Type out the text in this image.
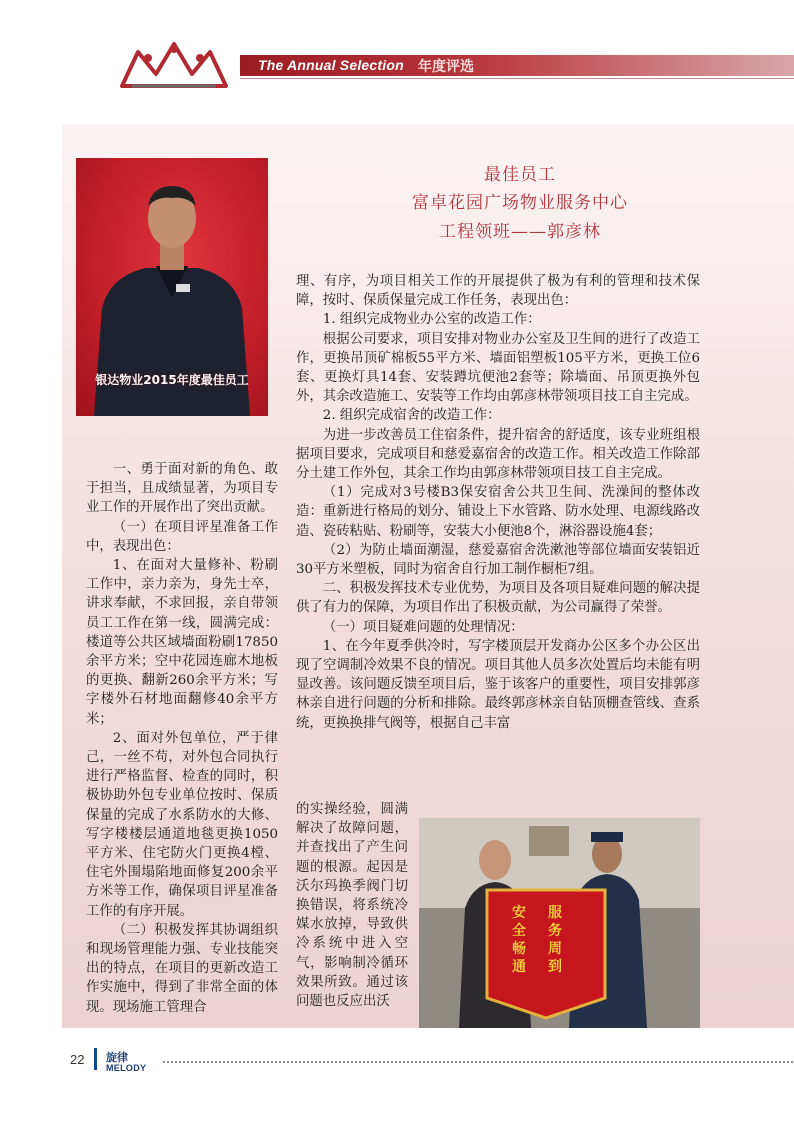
The Annual Selection 年度评选
银达物业2015年度最佳员工
最佳员工
富卓花园广场物业服务中心
工程领班——郭彦林

理、有序，为项目相关工作的开展提供了极为有利的管理和技术保障，按时、保质保量完成工作任务，表现出色：

1. 组织完成物业办公室的改造工作：

根据公司要求，项目安排对物业办公室及卫生间的进行了改造工作，更换吊顶矿棉板55平方米、墙面铝塑板105平方米，更换工位6套、更换灯具14套、安装蹲坑便池2套等；除墙面、吊顶更换外包外，其余改造施工、安装等工作均由郭彦林带领项目技工自主完成。

2. 组织完成宿舍的改造工作：

为进一步改善员工住宿条件，提升宿舍的舒适度，该专业班组根据项目要求，完成项目和慈爱嘉宿舍的改造工作。相关改造工作除部分土建工作外包，其余工作均由郭彦林带领项目技工自主完成。

（1）完成对3号楼B3保安宿舍公共卫生间、洗澡间的整体改造：重新进行格局的划分、铺设上下水管路、防水处理、电源线路改造、瓷砖粘贴、粉刷等，安装大小便池8个，淋浴器设施4套；

（2）为防止墙面潮湿，慈爱嘉宿舍洗漱池等部位墙面安装铝近30平方米塑板，同时为宿舍自行加工制作橱柜7组。

二、积极发挥技术专业优势，为项目及各项目疑难问题的解决提供了有力的保障，为项目作出了积极贡献，为公司赢得了荣誉。

（一）项目疑难问题的处理情况：

1、在今年夏季供冷时，写字楼顶层开发商办公区多个办公区出现了空调制冷效果不良的情况。项目其他人员多次处置后均未能有明显改善。该问题反馈至项目后，鉴于该客户的重要性，项目安排郭彦林亲自进行问题的分析和排除。最终郭彦林亲自钻顶棚查管线、查系统，更换换排气阀等，根据自己丰富

的实操经验，圆满解决了故障问题，并查找出了产生问题的根源。起因是沃尔玛换季阀门切换错误，将系统冷媒水放掉，导致供冷系统中进入空气，影响制冷循环效果所致。通过该问题也反应出沃

一、勇于面对新的角色、敢于担当，且成绩显著，为项目专业工作的开展作出了突出贡献。

（一）在项目评星准备工作中，表现出色：

1、在面对大量修补、粉刷工作中，亲力亲为，身先士卒，讲求奉献，不求回报，亲自带领员工工作在第一线，圆满完成：楼道等公共区域墙面粉刷17850余平方米；空中花园连廊木地板的更换、翻新260余平方米；写字楼外石材地面翻修40余平方米；

2、面对外包单位，严于律己，一丝不苟，对外包合同执行进行严格监督、检查的同时，积极协助外包专业单位按时、保质保量的完成了水系防水的大修、写字楼楼层通道地毯更换1050平方米、住宅防火门更换4樘、住宅外围塌陷地面修复200余平方米等工作，确保项目评星准备工作的有序开展。

（二）积极发挥其协调组织和现场管理能力强、专业技能突出的特点，在项目的更新改造工作实施中，得到了非常全面的体现。现场施工管理合

安全畅通
服务周到
22 旋律
MELODY
